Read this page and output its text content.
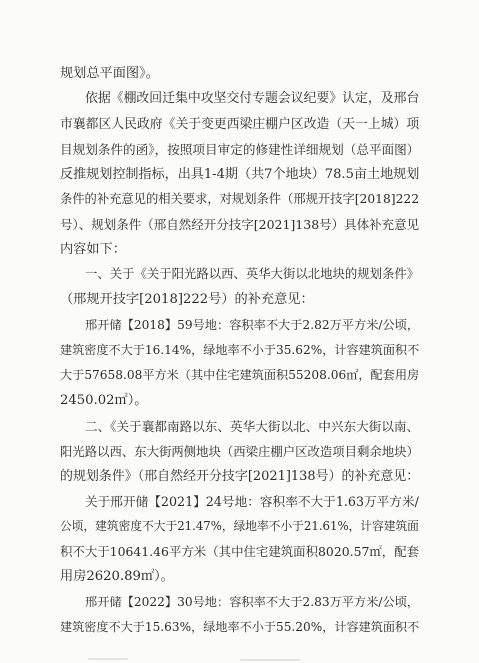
规划总平面图》。
依据《棚改回迁集中攻坚交付专题会议纪要》认定，及邢台
市襄都区人民政府《关于变更西梁庄棚户区改造（天一上城）项
目规划条件的函》，按照项目审定的修建性详细规划（总平面图）
反推规划控制指标，出具1-4期（共7个地块）78.5亩土地规划
条件的补充意见的相关要求，对规划条件（邢规开技字[2018]222
号）、规划条件（邢自然经开分技字[2021]138号）具体补充意见
内容如下：
一、关于《关于阳光路以西、英华大街以北地块的规划条件》
（邢规开技字[2018]222号）的补充意见：
邢开储【2018】59号地：容积率不大于2.82万平方米/公顷，
建筑密度不大于16.14%，绿地率不小于35.62%，计容建筑面积不
大于57658.08平方米（其中住宅建筑面积55208.06㎡，配套用房
2450.02㎡）。
二、《关于襄都南路以东、英华大街以北、中兴东大街以南、
阳光路以西、东大街两侧地块（西梁庄棚户区改造项目剩余地块）
的规划条件》（邢自然经开分技字[2021]138号）的补充意见：
关于邢开储【2021】24号地：容积率不大于1.63万平方米/
公顷，建筑密度不大于21.47%，绿地率不小于21.61%，计容建筑面
积不大于10641.46平方米（其中住宅建筑面积8020.57㎡，配套
用房2620.89㎡）。
邢开储【2022】30号地：容积率不大于2.83万平方米/公顷，
建筑密度不大于15.63%，绿地率不小于55.20%，计容建筑面积不
